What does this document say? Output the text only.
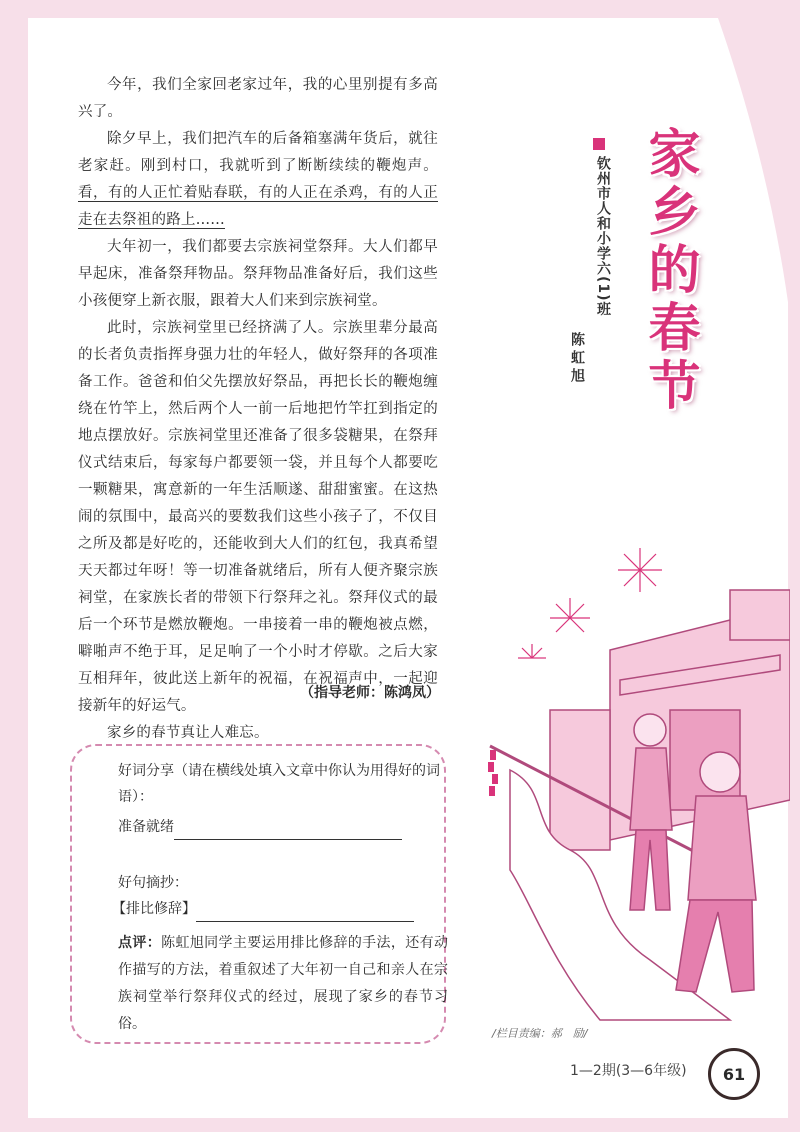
今年，我们全家回老家过年，我的心里别提有多高兴了。

除夕早上，我们把汽车的后备箱塞满年货后，就往老家赶。刚到村口，我就听到了断断续续的鞭炮声。看，有的人正忙着贴春联，有的人正在杀鸡，有的人正走在去祭祖的路上……

大年初一，我们都要去宗族祠堂祭拜。大人们都早早起床，准备祭拜物品。祭拜物品准备好后，我们这些小孩便穿上新衣服，跟着大人们来到宗族祠堂。

此时，宗族祠堂里已经挤满了人。宗族里辈分最高的长者负责指挥身强力壮的年轻人，做好祭拜的各项准备工作。爸爸和伯父先摆放好祭品，再把长长的鞭炮缠绕在竹竿上，然后两个人一前一后地把竹竿扛到指定的地点摆放好。宗族祠堂里还准备了很多袋糖果，在祭拜仪式结束后，每家每户都要领一袋，并且每个人都要吃一颗糖果，寓意新的一年生活顺遂、甜甜蜜蜜。在这热闹的氛围中，最高兴的要数我们这些小孩子了，不仅目之所及都是好吃的，还能收到大人们的红包，我真希望天天都过年呀！等一切准备就绪后，所有人便齐聚宗族祠堂，在家族长者的带领下行祭拜之礼。祭拜仪式的最后一个环节是燃放鞭炮。一串接着一串的鞭炮被点燃，噼啪声不绝于耳，足足响了一个小时才停歇。之后大家互相拜年，彼此送上新年的祝福，在祝福声中，一起迎接新年的好运气。

家乡的春节真让人难忘。

（指导老师：陈鸿凤）
钦州市人和小学六(1)班
陈虹旭 家乡的春节
好词分享（请在横线处填入文章中你认为用得好的词语）：
准备就绪
好句摘抄：
【排比修辞】
点评：陈虹旭同学主要运用排比修辞的手法，还有动作描写的方法，着重叙述了大年初一自己和亲人在宗族祠堂举行祭拜仪式的经过，展现了家乡的春节习俗。
/栏目责编：郝　励/
1—2期(3—6年级)	61
